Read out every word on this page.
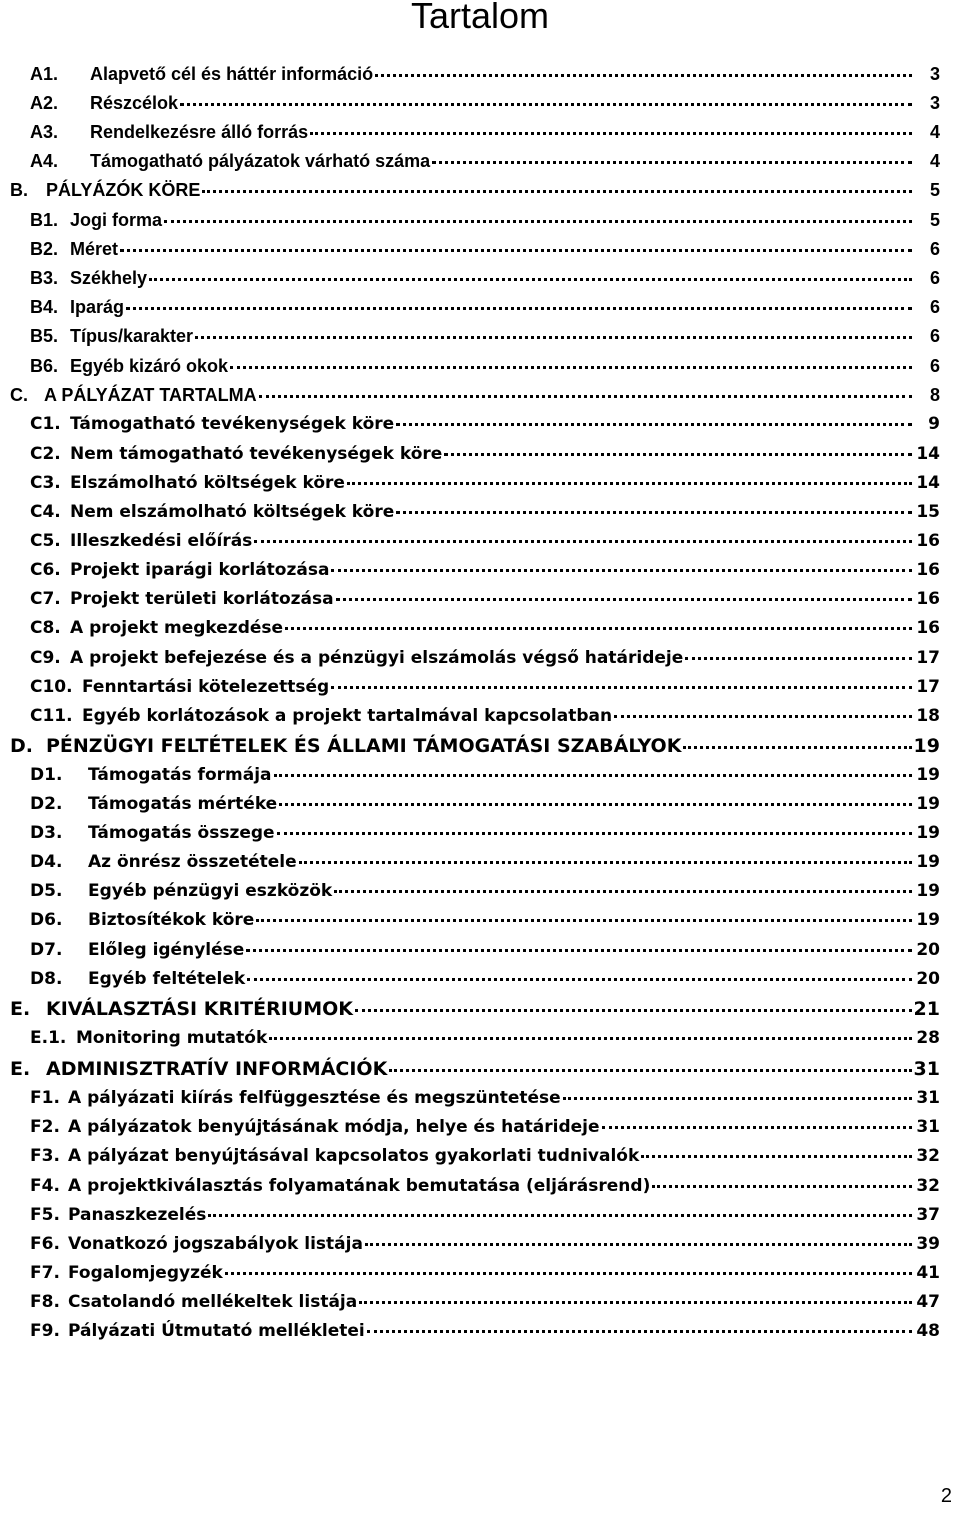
Tartalom
A1.	Alapvető cél és háttér információ	3
A2.	Részcélok	3
A3.	Rendelkezésre álló forrás	4
A4.	Támogatható pályázatok várható száma	4
B.	PÁLYÁZÓK KÖRE	5
B1. Jogi forma	5
B2. Méret	6
B3. Székhely	6
B4. Iparág	6
B5. Típus/karakter	6
B6. Egyéb kizáró okok	6
C. A PÁLYÁZAT TARTALMA	8
C1. Támogatható tevékenységek köre	9
C2. Nem támogatható tevékenységek köre	14
C3. Elszámolható költségek köre	14
C4. Nem elszámolható költségek köre	15
C5. Illeszkedési előírás	16
C6. Projekt iparági korlátozása	16
C7. Projekt területi korlátozása	16
C8. A projekt megkezdése	16
C9. A projekt befejezése és a pénzügyi elszámolás végső határideje	17
C10. Fenntartási kötelezettség	17
C11. Egyéb korlátozások a projekt tartalmával kapcsolatban	18
D. PÉNZÜGYI FELTÉTELEK ÉS ÁLLAMI TÁMOGATÁSI SZABÁLYOK	19
D1.	Támogatás formája	19
D2.	Támogatás mértéke	19
D3.	Támogatás összege	19
D4.	Az önrész összetétele	19
D5.	Egyéb pénzügyi eszközök	19
D6.	Biztosítékok köre	19
D7.	Előleg igénylése	20
D8.	Egyéb feltételek	20
E. KIVÁLASZTÁSI KRITÉRIUMOK	21
E.1. Monitoring mutatók	28
E. ADMINISZTRATÍV INFORMÁCIÓK	31
F1. A pályázati kiírás felfüggesztése és megszüntetése	31
F2. A pályázatok benyújtásának módja, helye és határideje	31
F3. A pályázat benyújtásával kapcsolatos gyakorlati tudnivalók	32
F4. A projektkiválasztás folyamatának bemutatása (eljárásrend)	32
F5. Panaszkezelés	37
F6. Vonatkozó jogszabályok listája	39
F7. Fogalomjegyzék	41
F8. Csatolandó mellékeltek listája	47
F9. Pályázati Útmutató mellékletei	48
2
